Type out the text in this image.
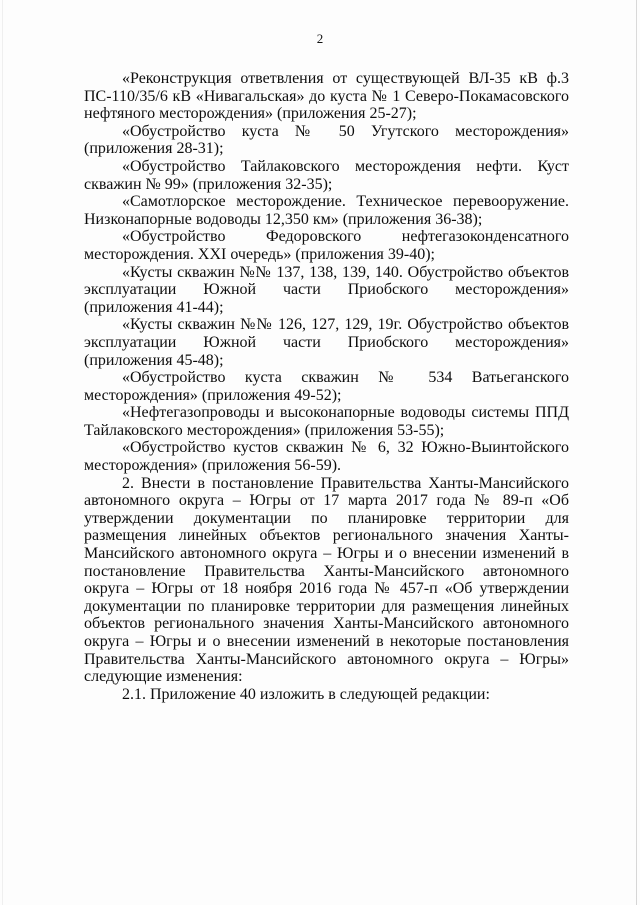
2

«Реконструкция ответвления от существующей ВЛ-35 кВ ф.3 ПС-110/35/6 кВ «Нивагальская» до куста № 1 Северо-Покамасовского нефтяного месторождения» (приложения 25-27);

«Обустройство куста № 50 Угутского месторождения» (приложения 28-31);

«Обустройство Тайлаковского месторождения нефти. Куст скважин № 99» (приложения 32-35);

«Самотлорское месторождение. Техническое перевооружение. Низконапорные водоводы 12,350 км» (приложения 36-38);

«Обустройство Федоровского нефтегазоконденсатного месторождения. XXI очередь» (приложения 39-40);

«Кусты скважин №№ 137, 138, 139, 140. Обустройство объектов эксплуатации Южной части Приобского месторождения» (приложения 41-44);

«Кусты скважин №№ 126, 127, 129, 19г. Обустройство объектов эксплуатации Южной части Приобского месторождения» (приложения 45-48);

«Обустройство куста скважин № 534 Ватьеганского месторождения» (приложения 49-52);

«Нефтегазопроводы и высоконапорные водоводы системы ППД Тайлаковского месторождения» (приложения 53-55);

«Обустройство кустов скважин № 6, 32 Южно-Выинтойского месторождения» (приложения 56-59).

2. Внести в постановление Правительства Ханты-Мансийского автономного округа – Югры от 17 марта 2017 года № 89-п «Об утверждении документации по планировке территории для размещения линейных объектов регионального значения Ханты-Мансийского автономного округа – Югры и о внесении изменений в постановление Правительства Ханты-Мансийского автономного округа – Югры от 18 ноября 2016 года № 457-п «Об утверждении документации по планировке территории для размещения линейных объектов регионального значения Ханты-Мансийского автономного округа – Югры и о внесении изменений в некоторые постановления Правительства Ханты-Мансийского автономного округа – Югры» следующие изменения:

2.1. Приложение 40 изложить в следующей редакции:
